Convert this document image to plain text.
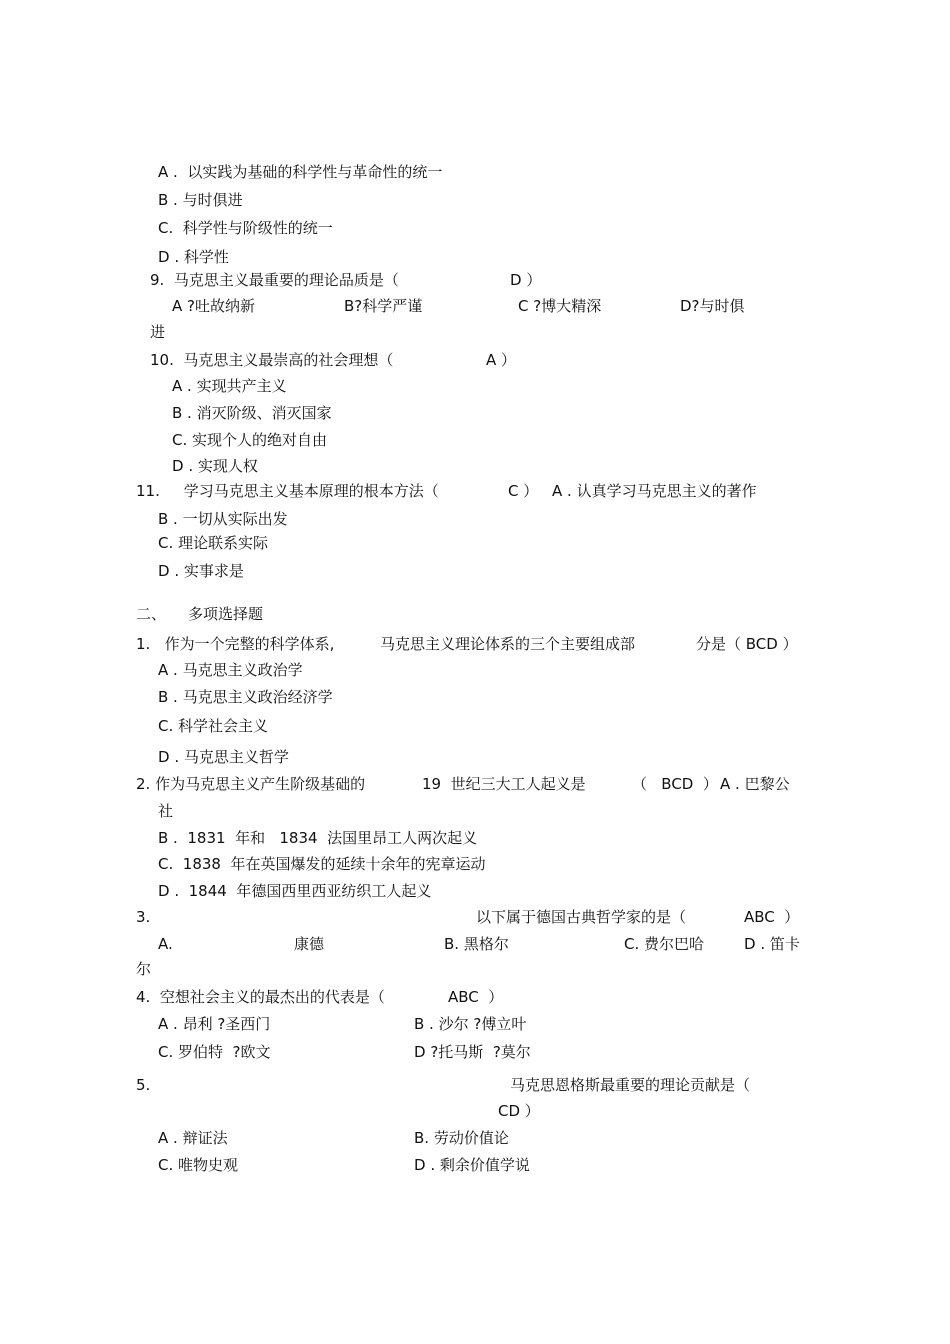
A .  以实践为基础的科学性与革命性的统一
B . 与时俱进
C.  科学性与阶级性的统一
D . 科学性
9.  马克思主义最重要的理论品质是（	D ）
A ?吐故纳新	B?科学严谨	C ?博大精深	D?与时俱
进
10.  马克思主义最崇高的社会理想（	A ）
A . 实现共产主义
B . 消灭阶级、消灭国家
C. 实现个人的绝对自由
D . 实现人权
11.     学习马克思主义基本原理的根本方法（	C ） A . 认真学习马克思主义的著作
B . 一切从实际出发
C. 理论联系实际
D . 实事求是
二、 多项选择题
1.   作为一个完整的科学体系,	马克思主义理论体系的三个主要组成部	分是（ BCD ）
A . 马克思主义政治学
B . 马克思主义政治经济学
C. 科学社会主义
D . 马克思主义哲学
2. 作为马克思主义产生阶级基础的	19  世纪三大工人起义是	（   BCD  ） A . 巴黎公
社
B .  1831  年和   1834  法国里昂工人两次起义
C.  1838  年在英国爆发的延续十余年的宪章运动
D .  1844  年德国西里西亚纺织工人起义
3.	以下属于德国古典哲学家的是（	ABC  ）
A.	康德	B. 黑格尔	C. 费尔巴哈	D . 笛卡
尔
4.  空想社会主义的最杰出的代表是（	ABC  ）
A . 昂利 ?圣西门	B . 沙尔 ?傅立叶
C. 罗伯特  ?欧文	D ?托马斯  ?莫尔
5.	马克思恩格斯最重要的理论贡献是（
CD ）
A . 辩证法	B. 劳动价值论
C. 唯物史观	D . 剩余价值学说
